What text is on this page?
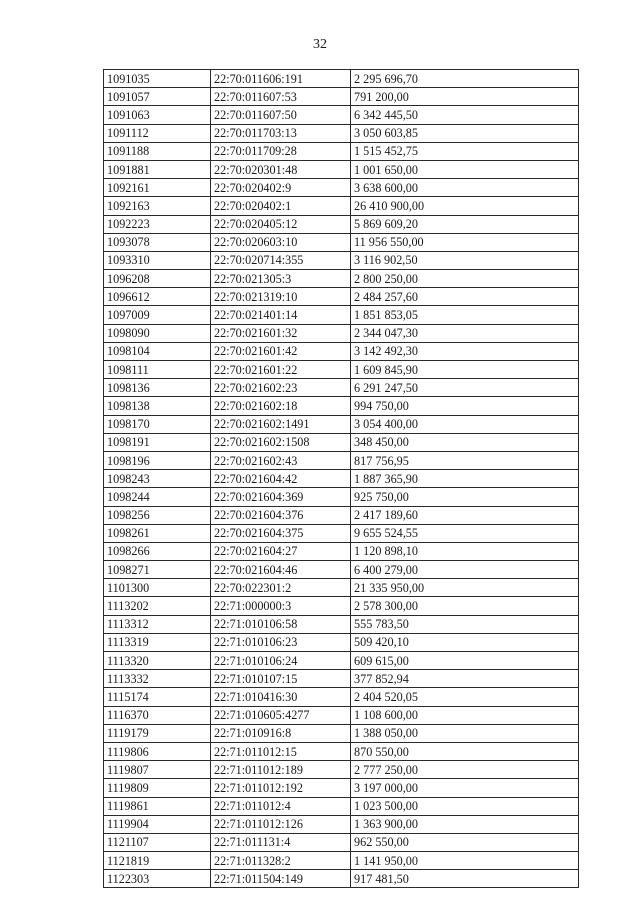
32
1091035	22:70:011606:191	2 295 696,70
1091057	22:70:011607:53	791 200,00
1091063	22:70:011607:50	6 342 445,50
1091112	22:70:011703:13	3 050 603,85
1091188	22:70:011709:28	1 515 452,75
1091881	22:70:020301:48	1 001 650,00
1092161	22:70:020402:9	3 638 600,00
1092163	22:70:020402:1	26 410 900,00
1092223	22:70:020405:12	5 869 609,20
1093078	22:70:020603:10	11 956 550,00
1093310	22:70:020714:355	3 116 902,50
1096208	22:70:021305:3	2 800 250,00
1096612	22:70:021319:10	2 484 257,60
1097009	22:70:021401:14	1 851 853,05
1098090	22:70:021601:32	2 344 047,30
1098104	22:70:021601:42	3 142 492,30
1098111	22:70:021601:22	1 609 845,90
1098136	22:70:021602:23	6 291 247,50
1098138	22:70:021602:18	994 750,00
1098170	22:70:021602:1491	3 054 400,00
1098191	22:70:021602:1508	348 450,00
1098196	22:70:021602:43	817 756,95
1098243	22:70:021604:42	1 887 365,90
1098244	22:70:021604:369	925 750,00
1098256	22:70:021604:376	2 417 189,60
1098261	22:70:021604:375	9 655 524,55
1098266	22:70:021604:27	1 120 898,10
1098271	22:70:021604:46	6 400 279,00
1101300	22:70:022301:2	21 335 950,00
1113202	22:71:000000:3	2 578 300,00
1113312	22:71:010106:58	555 783,50
1113319	22:71:010106:23	509 420,10
1113320	22:71:010106:24	609 615,00
1113332	22:71:010107:15	377 852,94
1115174	22:71:010416:30	2 404 520,05
1116370	22:71:010605:4277	1 108 600,00
1119179	22:71:010916:8	1 388 050,00
1119806	22:71:011012:15	870 550,00
1119807	22:71:011012:189	2 777 250,00
1119809	22:71:011012:192	3 197 000,00
1119861	22:71:011012:4	1 023 500,00
1119904	22:71:011012:126	1 363 900,00
1121107	22:71:011131:4	962 550,00
1121819	22:71:011328:2	1 141 950,00
1122303	22:71:011504:149	917 481,50
